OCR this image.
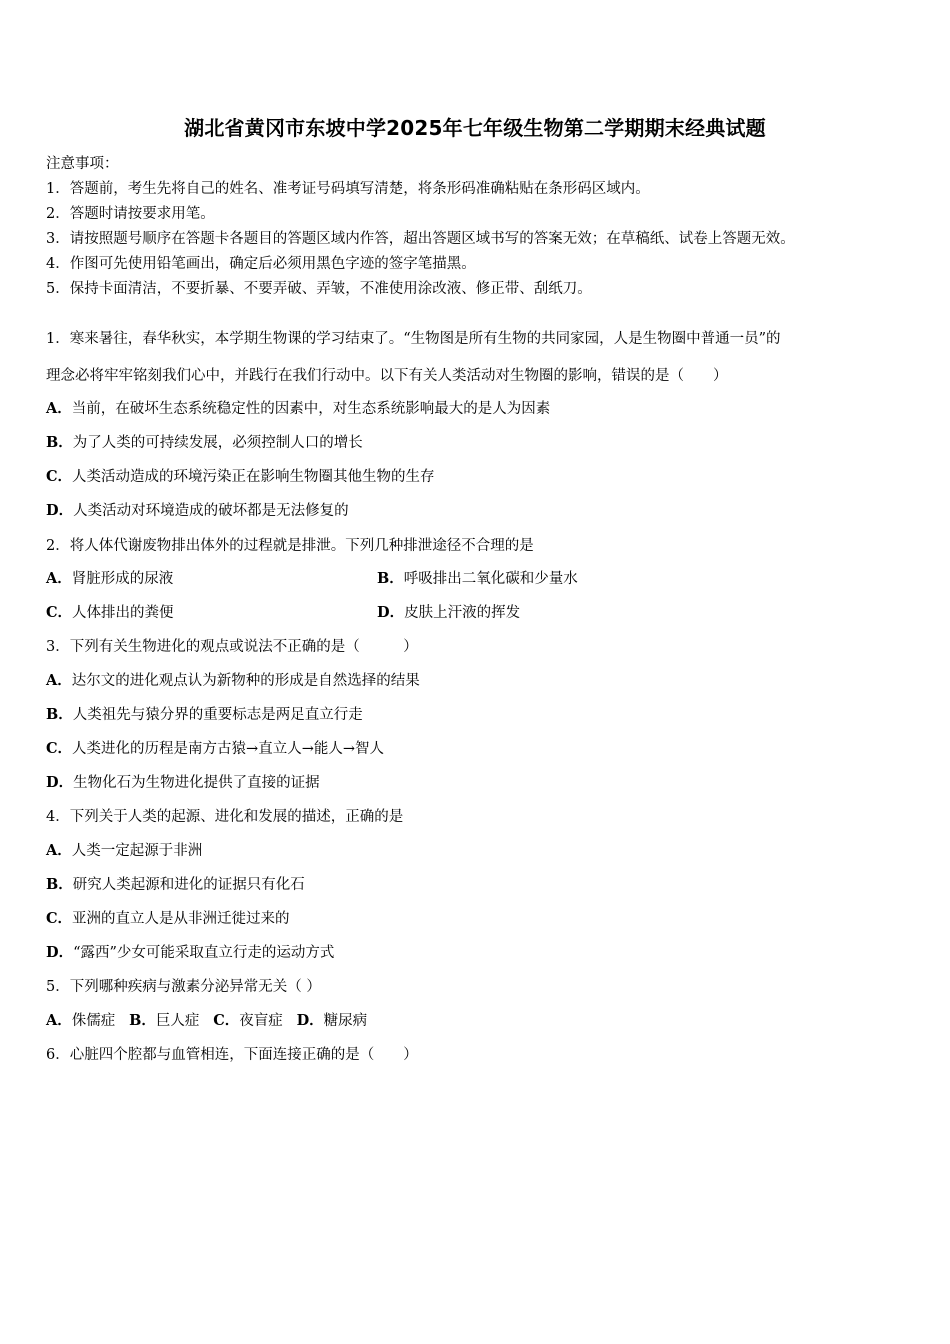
湖北省黄冈市东坡中学2025年七年级生物第二学期期末经典试题
注意事项：
1．答题前，考生先将自己的姓名、准考证号码填写清楚，将条形码准确粘贴在条形码区域内。
2．答题时请按要求用笔。
3．请按照题号顺序在答题卡各题目的答题区域内作答，超出答题区域书写的答案无效；在草稿纸、试卷上答题无效。
4．作图可先使用铅笔画出，确定后必须用黑色字迹的签字笔描黑。
5．保持卡面清洁，不要折暴、不要弄破、弄皱，不准使用涂改液、修正带、刮纸刀。
1．寒来暑往，春华秋实，本学期生物课的学习结束了。“生物图是所有生物的共同家园，人是生物圈中普通一员”的
理念必将牢牢铭刻我们心中，并践行在我们行动中。以下有关人类活动对生物圈的影响，错误的是（　　）
A．当前，在破坏生态系统稳定性的因素中，对生态系统影响最大的是人为因素
B．为了人类的可持续发展，必须控制人口的增长
C．人类活动造成的环境污染正在影响生物圈其他生物的生存
D．人类活动对环境造成的破坏都是无法修复的
2．将人体代谢废物排出体外的过程就是排泄。下列几种排泄途径不合理的是
A．肾脏形成的尿液	B．呼吸排出二氧化碳和少量水
C．人体排出的粪便	D．皮肤上汗液的挥发
3．下列有关生物进化的观点或说法不正确的是（　　　）
A．达尔文的进化观点认为新物种的形成是自然选择的结果
B．人类祖先与猿分界的重要标志是两足直立行走
C．人类进化的历程是南方古猿→直立人→能人→智人
D．生物化石为生物进化提供了直接的证据
4．下列关于人类的起源、进化和发展的描述，正确的是
A．人类一定起源于非洲
B．研究人类起源和进化的证据只有化石
C．亚洲的直立人是从非洲迁徙过来的
D．“露西”少女可能采取直立行走的运动方式
5．下列哪种疾病与激素分泌异常无关（ ）
A．侏儒症 B．巨人症 C．夜盲症 D．糖尿病
6．心脏四个腔都与血管相连，下面连接正确的是（　　）
